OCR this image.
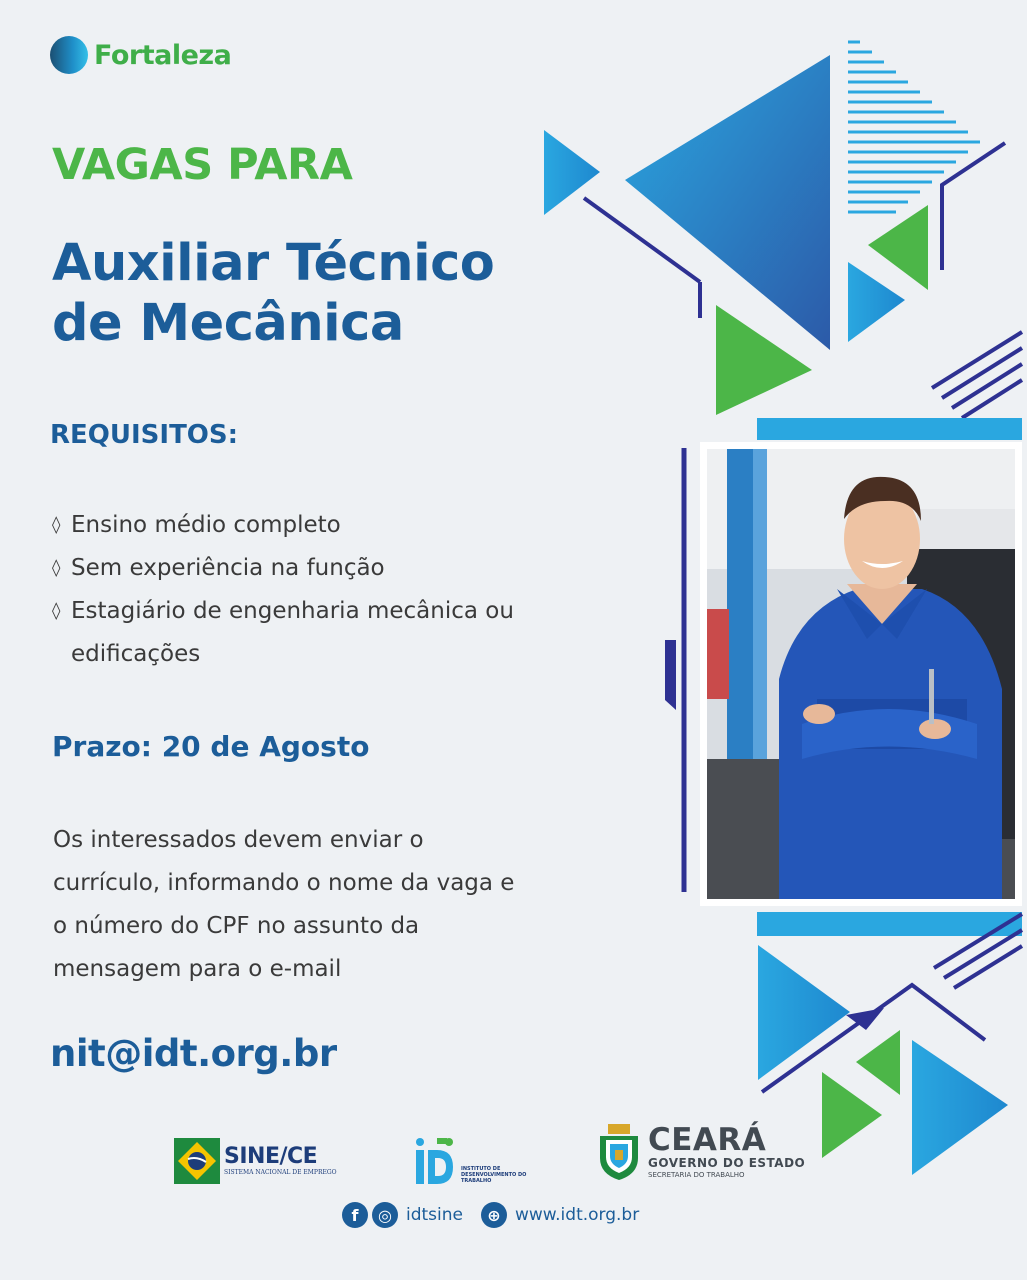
Fortaleza
VAGAS PARA
Auxiliar Técnico de Mecânica
REQUISITOS:
◊ Ensino médio completo
◊ Sem experiência na função
◊ Estagiário de engenharia mecânica ou edificações
Prazo: 20 de Agosto
Os interessados devem enviar o currículo, informando o nome da vaga e o número do CPF no assunto da mensagem para o e-mail
nit@idt.org.br
SINE/CE
SISTEMA NACIONAL DE EMPREGO	INSTITUTO DE DESENVOLVIMENTO DO TRABALHO
CEARÁ
GOVERNO DO ESTADO
SECRETARIA DO TRABALHO
f	◎ idtsine	⊕ www.idt.org.br
